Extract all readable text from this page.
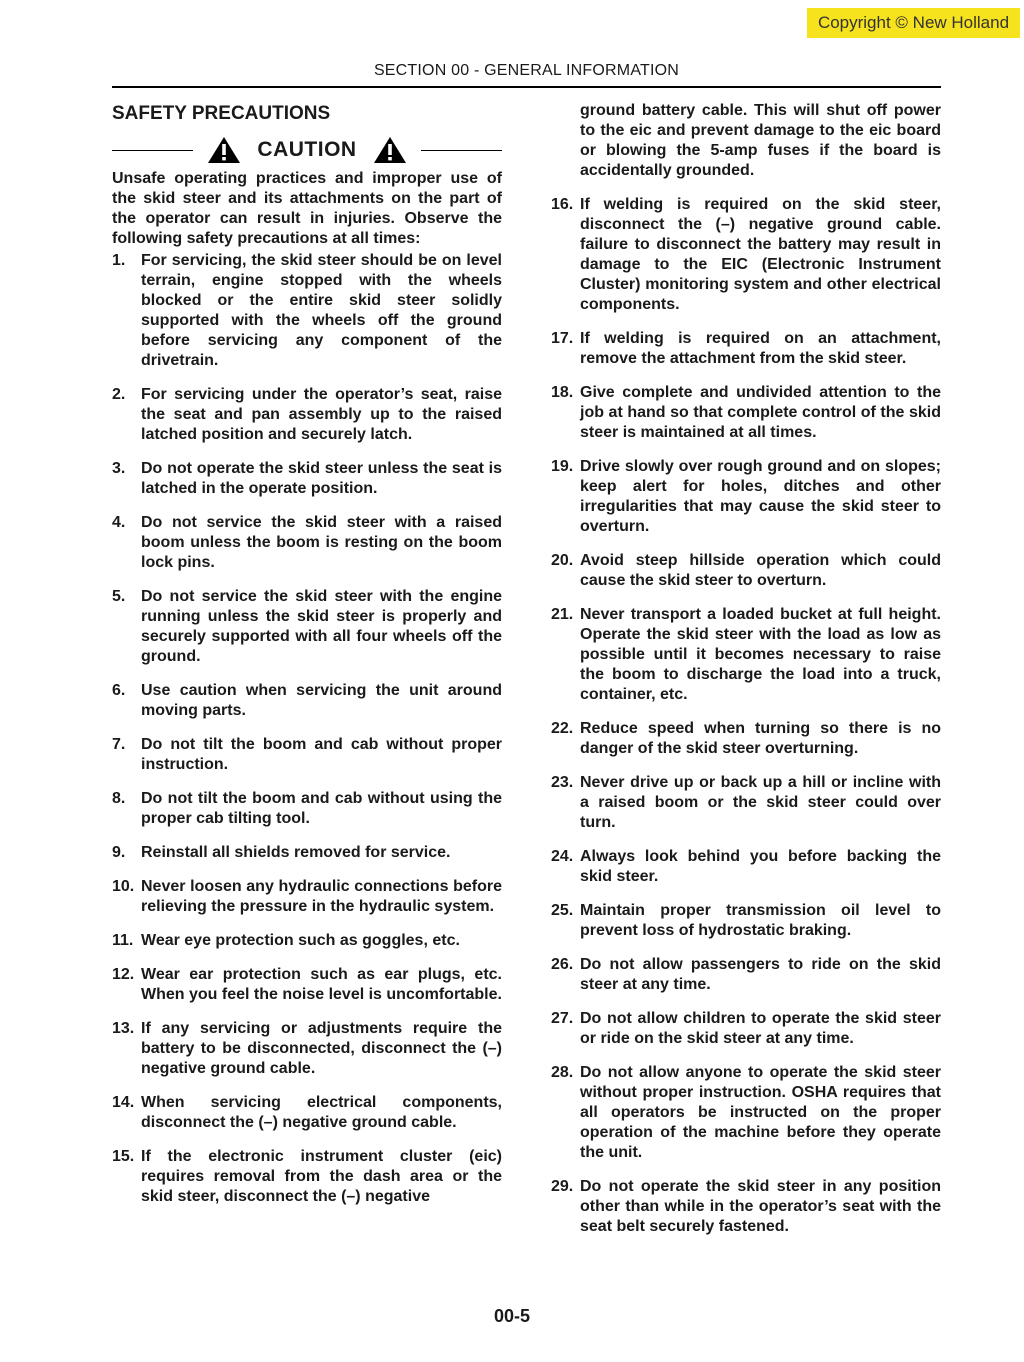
Copyright © New Holland
SECTION 00 - GENERAL INFORMATION
SAFETY PRECAUTIONS
CAUTION
Unsafe operating practices and improper use of the skid steer and its attachments on the part of the operator can result in injuries. Observe the following safety precautions at all times:
1. For servicing, the skid steer should be on level terrain, engine stopped with the wheels blocked or the entire skid steer solidly supported with the wheels off the ground before servicing any component of the drivetrain.
2. For servicing under the operator’s seat, raise the seat and pan assembly up to the raised latched position and securely latch.
3. Do not operate the skid steer unless the seat is latched in the operate position.
4. Do not service the skid steer with a raised boom unless the boom is resting on the boom lock pins.
5. Do not service the skid steer with the engine running unless the skid steer is properly and securely supported with all four wheels off the ground.
6. Use caution when servicing the unit around moving parts.
7. Do not tilt the boom and cab without proper instruction.
8. Do not tilt the boom and cab without using the proper cab tilting tool.
9. Reinstall all shields removed for service.
10. Never loosen any hydraulic connections before relieving the pressure in the hydraulic system.
11. Wear eye protection such as goggles, etc.
12. Wear ear protection such as ear plugs, etc. When you feel the noise level is uncomfortable.
13. If any servicing or adjustments require the battery to be disconnected, disconnect the (–) negative ground cable.
14. When servicing electrical components, disconnect the (–) negative ground cable.
15. If the electronic instrument cluster (eic) requires removal from the dash area or the skid steer, disconnect the (–) negative
ground battery cable. This will shut off power to the eic and prevent damage to the eic board or blowing the 5-amp fuses if the board is accidentally grounded.
16. If welding is required on the skid steer, disconnect the (–) negative ground cable. failure to disconnect the battery may result in damage to the EIC (Electronic Instrument Cluster) monitoring system and other electrical components.
17. If welding is required on an attachment, remove the attachment from the skid steer.
18. Give complete and undivided attention to the job at hand so that complete control of the skid steer is maintained at all times.
19. Drive slowly over rough ground and on slopes; keep alert for holes, ditches and other irregularities that may cause the skid steer to overturn.
20. Avoid steep hillside operation which could cause the skid steer to overturn.
21. Never transport a loaded bucket at full height. Operate the skid steer with the load as low as possible until it becomes necessary to raise the boom to discharge the load into a truck, container, etc.
22. Reduce speed when turning so there is no danger of the skid steer overturning.
23. Never drive up or back up a hill or incline with a raised boom or the skid steer could over turn.
24. Always look behind you before backing the skid steer.
25. Maintain proper transmission oil level to prevent loss of hydrostatic braking.
26. Do not allow passengers to ride on the skid steer at any time.
27. Do not allow children to operate the skid steer or ride on the skid steer at any time.
28. Do not allow anyone to operate the skid steer without proper instruction. OSHA requires that all operators be instructed on the proper operation of the machine before they operate the unit.
29. Do not operate the skid steer in any position other than while in the operator’s seat with the seat belt securely fastened.
00-5
